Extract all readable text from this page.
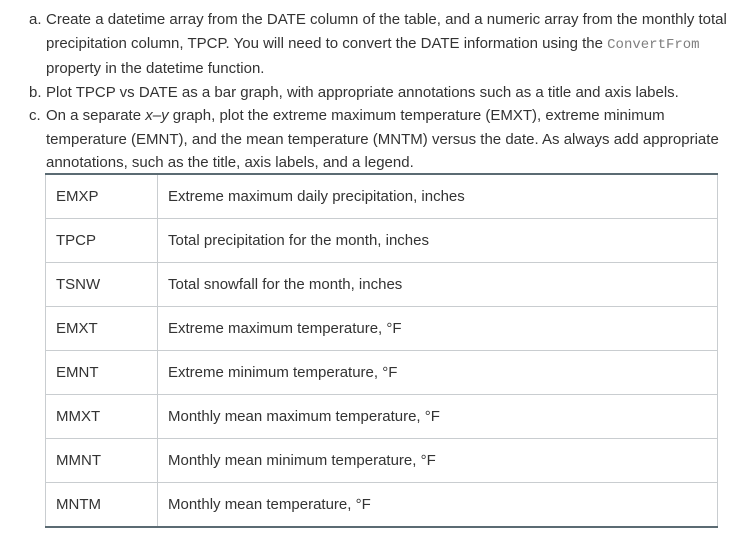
a. Create a datetime array from the DATE column of the table, and a numeric array from the monthly total precipitation column, TPCP. You will need to convert the DATE information using the ConvertFrom property in the datetime function.
b. Plot TPCP vs DATE as a bar graph, with appropriate annotations such as a title and axis labels.
c. On a separate x–y graph, plot the extreme maximum temperature (EMXT), extreme minimum temperature (EMNT), and the mean temperature (MNTM) versus the date. As always add appropriate annotations, such as the title, axis labels, and a legend.
EMXP	Extreme maximum daily precipitation, inches
TPCP	Total precipitation for the month, inches
TSNW	Total snowfall for the month, inches
EMXT	Extreme maximum temperature, °F
EMNT	Extreme minimum temperature, °F
MMXT	Monthly mean maximum temperature, °F
MMNT	Monthly mean minimum temperature, °F
MNTM	Monthly mean temperature, °F
